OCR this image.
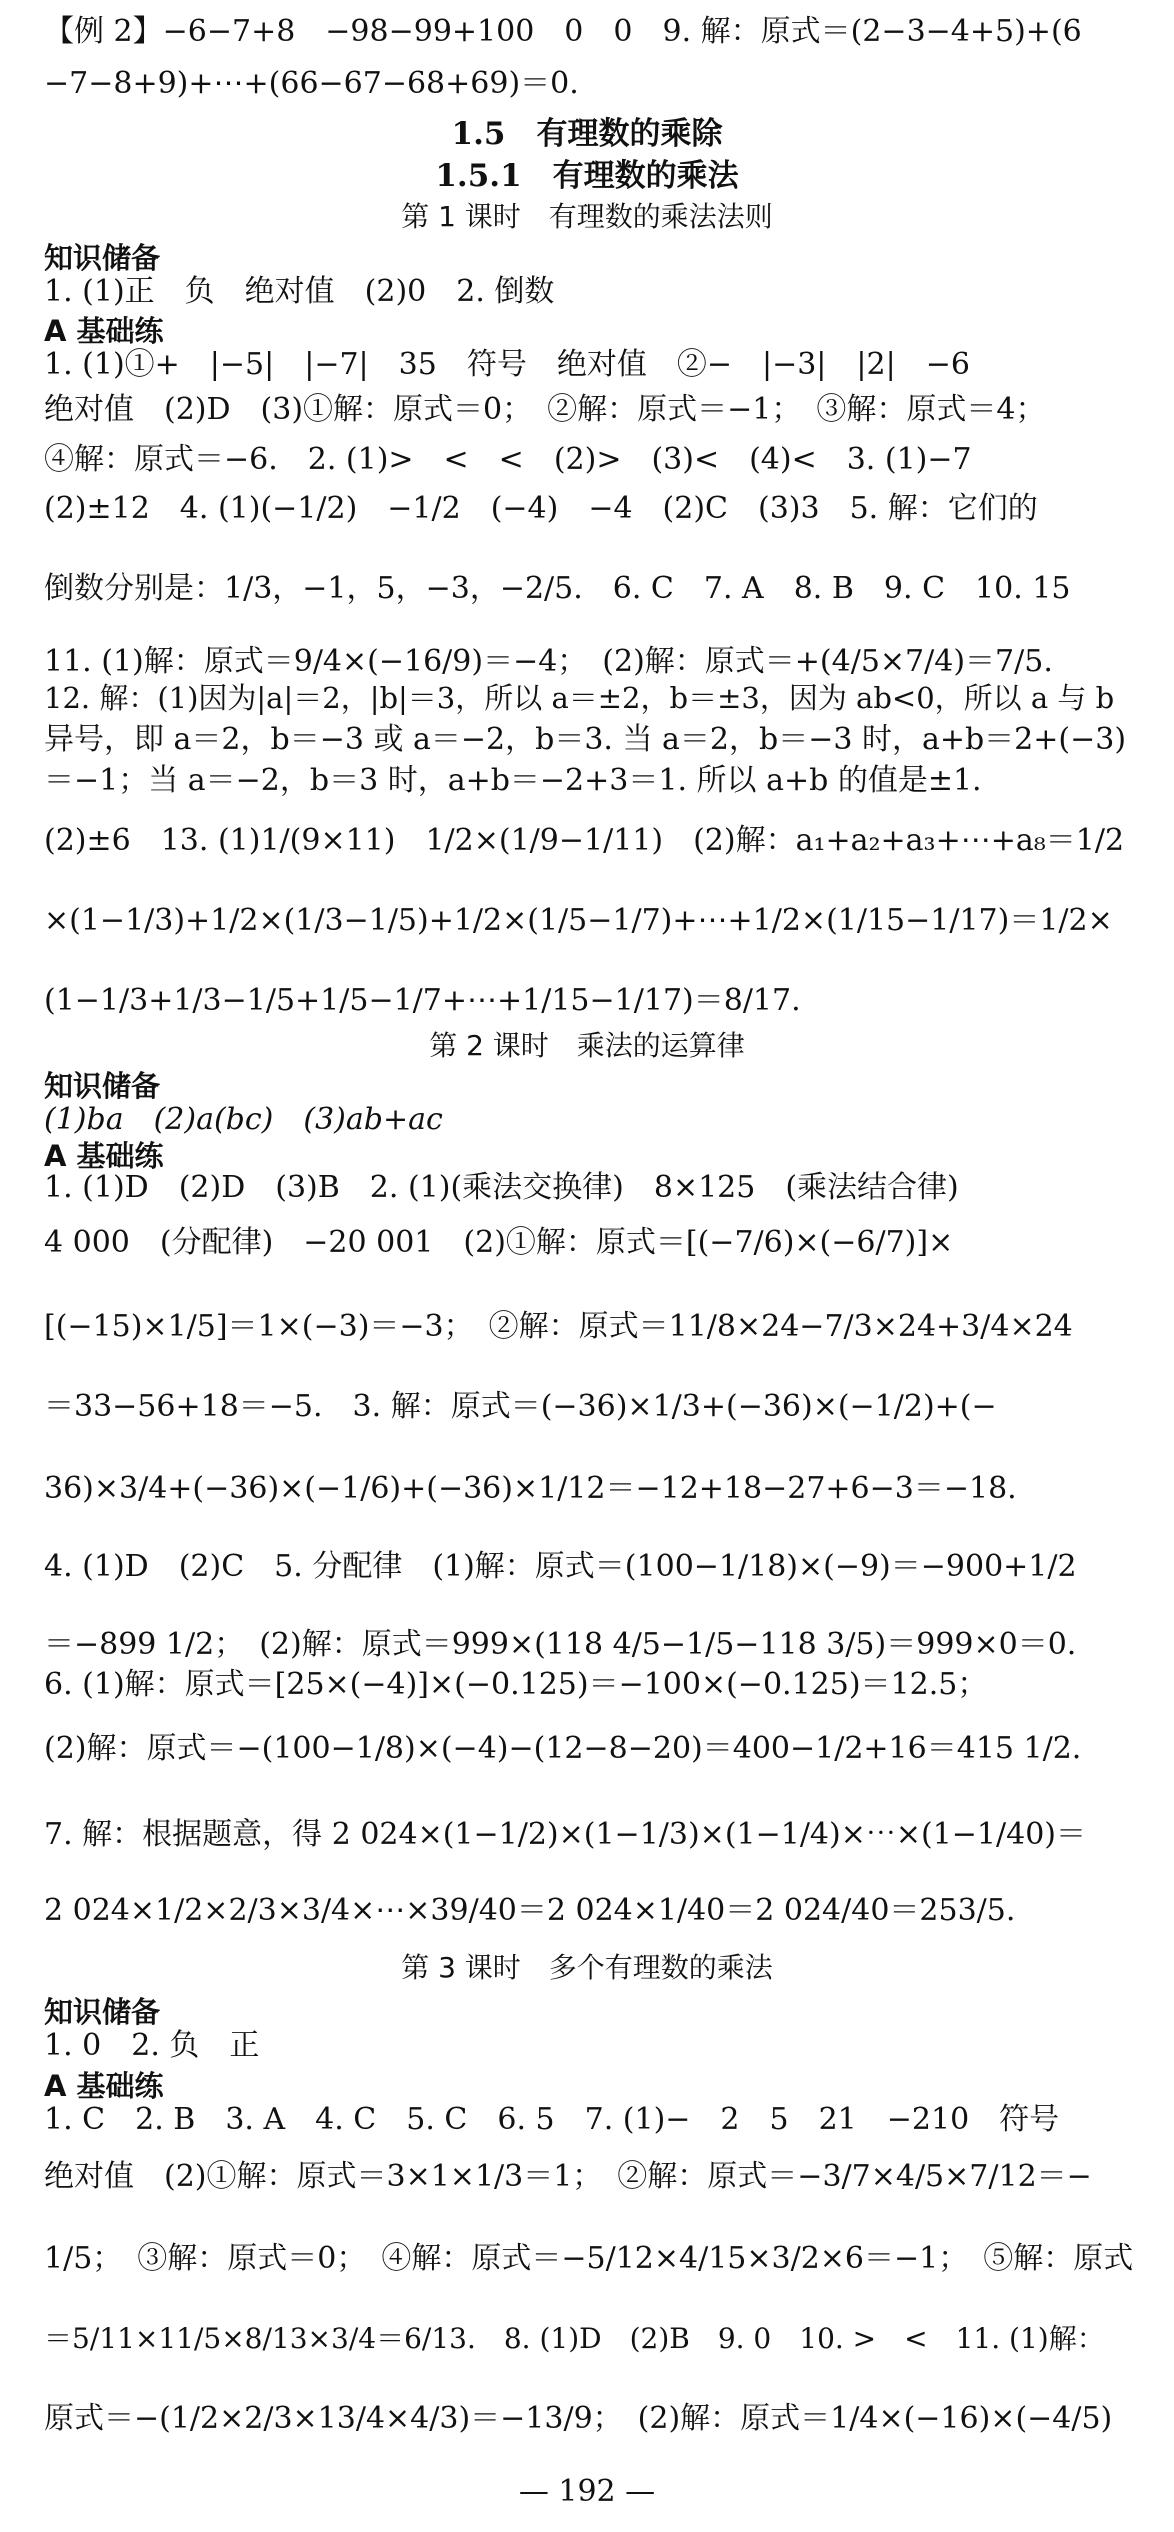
【例 2】−6−7+8　−98−99+100　0　0　9. 解：原式＝(2−3−4+5)+(6
−7−8+9)+⋯+(66−67−68+69)＝0.
1.5　有理数的乘除
1.5.1　有理数的乘法
第 1 课时　有理数的乘法法则
知识储备
1. (1)正　负　绝对值　(2)0　2. 倒数
A 基础练
1. (1)①+　|−5|　|−7|　35　符号　绝对值　②−　|−3|　|2|　−6
绝对值　(2)D　(3)①解：原式＝0；　②解：原式＝−1；　③解：原式＝4；
④解：原式＝−6.　2. (1)>　<　<　(2)>　(3)<　(4)<　3. (1)−7
(2)±12　4. (1)(−1/2)　−1/2　(−4)　−4　(2)C　(3)3　5. 解：它们的
倒数分别是：1/3，−1，5，−3，−2/5.　6. C　7. A　8. B　9. C　10. 15
11. (1)解：原式＝9/4×(−16/9)＝−4；　(2)解：原式＝+(4/5×7/4)＝7/5.
12. 解：(1)因为|a|＝2，|b|＝3，所以 a＝±2，b＝±3，因为 ab<0，所以 a 与 b
异号，即 a＝2，b＝−3 或 a＝−2，b＝3. 当 a＝2，b＝−3 时，a+b＝2+(−3)
＝−1；当 a＝−2，b＝3 时，a+b＝−2+3＝1. 所以 a+b 的值是±1.
(2)±6　13. (1)1/(9×11)　1/2×(1/9−1/11)　(2)解：a₁+a₂+a₃+⋯+a₈＝1/2
×(1−1/3)+1/2×(1/3−1/5)+1/2×(1/5−1/7)+⋯+1/2×(1/15−1/17)＝1/2×
(1−1/3+1/3−1/5+1/5−1/7+⋯+1/15−1/17)＝8/17.
第 2 课时　乘法的运算律
知识储备
(1)ba　(2)a(bc)　(3)ab+ac
A 基础练
1. (1)D　(2)D　(3)B　2. (1)(乘法交换律)　8×125　(乘法结合律)
4 000　(分配律)　−20 001　(2)①解：原式＝[(−7/6)×(−6/7)]×
[(−15)×1/5]＝1×(−3)＝−3；　②解：原式＝11/8×24−7/3×24+3/4×24
＝33−56+18＝−5.　3. 解：原式＝(−36)×1/3+(−36)×(−1/2)+(−
36)×3/4+(−36)×(−1/6)+(−36)×1/12＝−12+18−27+6−3＝−18.
4. (1)D　(2)C　5. 分配律　(1)解：原式＝(100−1/18)×(−9)＝−900+1/2
＝−899 1/2；　(2)解：原式＝999×(118 4/5−1/5−118 3/5)＝999×0＝0.
6. (1)解：原式＝[25×(−4)]×(−0.125)＝−100×(−0.125)＝12.5；
(2)解：原式＝−(100−1/8)×(−4)−(12−8−20)＝400−1/2+16＝415 1/2.
7. 解：根据题意，得 2 024×(1−1/2)×(1−1/3)×(1−1/4)×⋯×(1−1/40)＝
2 024×1/2×2/3×3/4×⋯×39/40＝2 024×1/40＝2 024/40＝253/5.
第 3 课时　多个有理数的乘法
知识储备
1. 0　2. 负　正
A 基础练
1. C　2. B　3. A　4. C　5. C　6. 5　7. (1)−　2　5　21　−210　符号
绝对值　(2)①解：原式＝3×1×1/3＝1；　②解：原式＝−3/7×4/5×7/12＝−
1/5；　③解：原式＝0；　④解：原式＝−5/12×4/15×3/2×6＝−1；　⑤解：原式
＝5/11×11/5×8/13×3/4＝6/13.　8. (1)D　(2)B　9. 0　10. >　<　11. (1)解：
原式＝−(1/2×2/3×13/4×4/3)＝−13/9；　(2)解：原式＝1/4×(−16)×(−4/5)
— 192 —
